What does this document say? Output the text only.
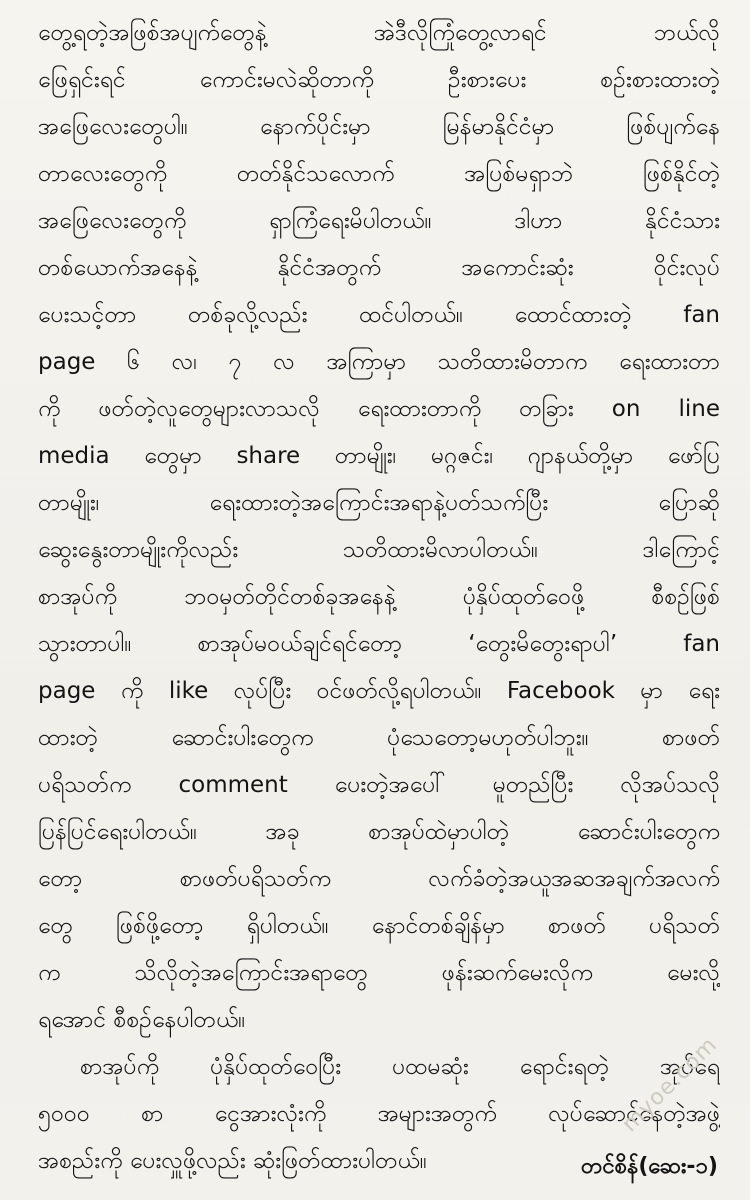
တွေ့ရတဲ့အဖြစ်အပျက်တွေနဲ့ အဲဒီလိုကြုံတွေ့လာရင် ဘယ်လို
ဖြေရှင်းရင် ကောင်းမလဲဆိုတာကို ဦးစားပေး စဉ်းစားထားတဲ့
အဖြေလေးတွေပါ။ နောက်ပိုင်းမှာ မြန်မာနိုင်ငံမှာ ဖြစ်ပျက်နေ
တာလေးတွေကို တတ်နိုင်သလောက် အပြစ်မရှာဘဲ ဖြစ်နိုင်တဲ့
အဖြေလေးတွေကို ရှာကြံရေးမိပါတယ်။ ဒါဟာ နိုင်ငံသား
တစ်ယောက်အနေနဲ့ နိုင်ငံအတွက် အကောင်းဆုံး ဝိုင်းလုပ်
ပေးသင့်တာ တစ်ခုလို့လည်း ထင်ပါတယ်။ ထောင်ထားတဲ့ fan
page ၆ လ၊ ၇ လ အကြာမှာ သတိထားမိတာက ရေးထားတာ
ကို ဖတ်တဲ့လူတွေများလာသလို ရေးထားတာကို တခြား on line
media တွေမှာ share တာမျိုး၊ မဂ္ဂဇင်း၊ ဂျာနယ်တို့မှာ ဖော်ပြ
တာမျိုး၊ ရေးထားတဲ့အကြောင်းအရာနဲ့ပတ်သက်ပြီး ပြောဆို
ဆွေးနွေးတာမျိုးကိုလည်း သတိထားမိလာပါတယ်။ ဒါကြောင့်
စာအုပ်ကို ဘဝမှတ်တိုင်တစ်ခုအနေနဲ့ ပုံနှိပ်ထုတ်ဝေဖို့ စီစဉ်ဖြစ်
သွားတာပါ။ စာအုပ်မဝယ်ချင်ရင်တော့ ‘တွေးမိတွေးရာပါ’ fan
page ကို like လုပ်ပြီး ဝင်ဖတ်လို့ရပါတယ်။ Facebook မှာ ရေး
ထားတဲ့ ဆောင်းပါးတွေက ပုံသေတော့မဟုတ်ပါဘူး။ စာဖတ်
ပရိသတ်က comment ပေးတဲ့အပေါ် မူတည်ပြီး လိုအပ်သလို
ပြန်ပြင်ရေးပါတယ်။ အခု စာအုပ်ထဲမှာပါတဲ့ ဆောင်းပါးတွေက
တော့ စာဖတ်ပရိသတ်က လက်ခံတဲ့အယူအဆအချက်အလက်
တွေ ဖြစ်ဖို့တော့ ရှိပါတယ်။ နောင်တစ်ချိန်မှာ စာဖတ် ပရိသတ်
က သိလိုတဲ့အကြောင်းအရာတွေ ဖုန်းဆက်မေးလိုက မေးလို့
ရအောင် စီစဉ်နေပါတယ်။
စာအုပ်ကို ပုံနှိပ်ထုတ်ဝေပြီး ပထမဆုံး ရောင်းရတဲ့ အုပ်ရေ
၅၀၀၀ စာ ငွေအားလုံးကို အများအတွက် လုပ်ဆောင်နေတဲ့အဖွဲ့
အစည်းကို ပေးလှူဖို့လည်း ဆုံးဖြတ်ထားပါတယ်။
myoe.com
တင်စိန်(ဆေး-၁)
